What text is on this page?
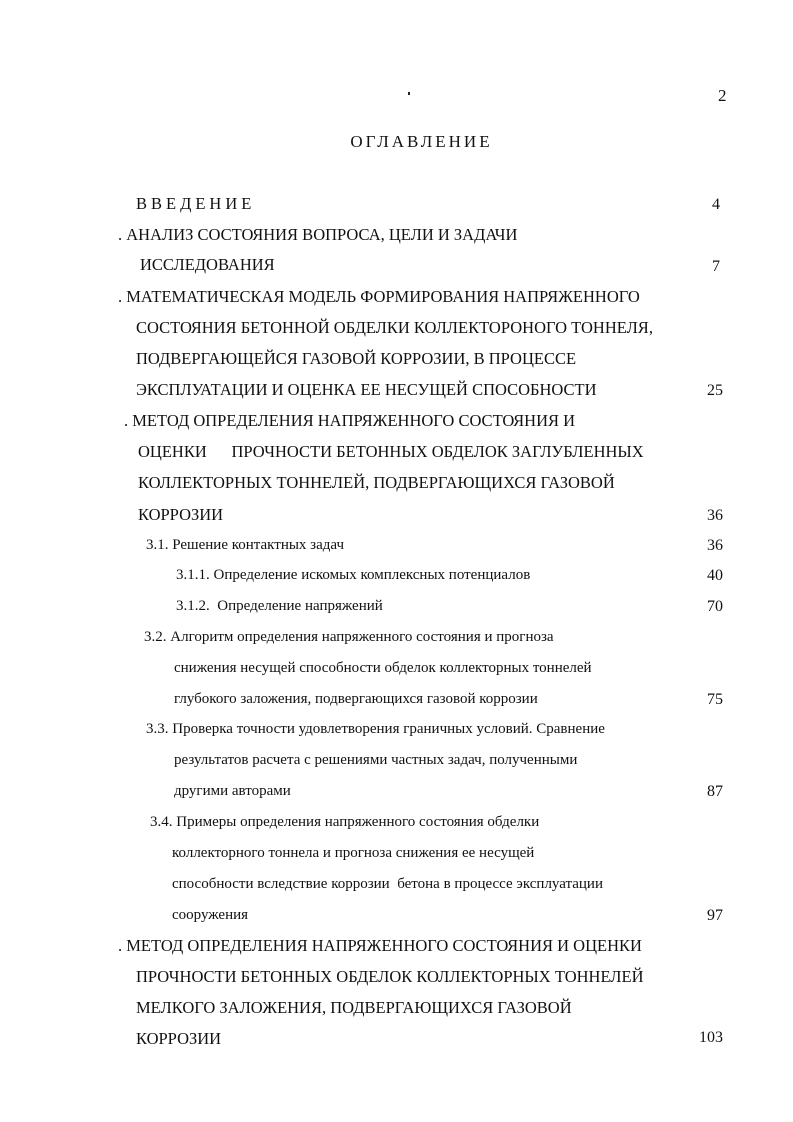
2
ОГЛАВЛЕНИЕ
ВВЕДЕНИЕ	4
. АНАЛИЗ СОСТОЯНИЯ ВОПРОСА, ЦЕЛИ И ЗАДАЧИ
ИССЛЕДОВАНИЯ	7
. МАТЕМАТИЧЕСКАЯ МОДЕЛЬ ФОРМИРОВАНИЯ НАПРЯЖЕННОГО
СОСТОЯНИЯ БЕТОННОЙ ОБДЕЛКИ КОЛЛЕКТОРОНОГО ТОННЕЛЯ,
ПОДВЕРГАЮЩЕЙСЯ ГАЗОВОЙ КОРРОЗИИ, В ПРОЦЕССЕ
ЭКСПЛУАТАЦИИ И ОЦЕНКА ЕЕ НЕСУЩЕЙ СПОСОБНОСТИ	25
. МЕТОД ОПРЕДЕЛЕНИЯ НАПРЯЖЕННОГО СОСТОЯНИЯ И
ОЦЕНКИ      ПРОЧНОСТИ БЕТОННЫХ ОБДЕЛОК ЗАГЛУБЛЕННЫХ
КОЛЛЕКТОРНЫХ ТОННЕЛЕЙ, ПОДВЕРГАЮЩИХСЯ ГАЗОВОЙ
КОРРОЗИИ	36
3.1. Решение контактных задач	36
3.1.1. Определение искомых комплексных потенциалов	40
3.1.2.  Определение напряжений	70
3.2. Алгоритм определения напряженного состояния и прогноза
снижения несущей способности обделок коллекторных тоннелей
глубокого заложения, подвергающихся газовой коррозии	75
3.3. Проверка точности удовлетворения граничных условий. Сравнение
результатов расчета с решениями частных задач, полученными
другими авторами	87
3.4. Примеры определения напряженного состояния обделки
коллекторного тоннела и прогноза снижения ее несущей
способности вследствие коррозии  бетона в процессе эксплуатации
сооружения	97
. МЕТОД ОПРЕДЕЛЕНИЯ НАПРЯЖЕННОГО СОСТОЯНИЯ И ОЦЕНКИ
ПРОЧНОСТИ БЕТОННЫХ ОБДЕЛОК КОЛЛЕКТОРНЫХ ТОННЕЛЕЙ
МЕЛКОГО ЗАЛОЖЕНИЯ, ПОДВЕРГАЮЩИХСЯ ГАЗОВОЙ
КОРРОЗИИ	103
